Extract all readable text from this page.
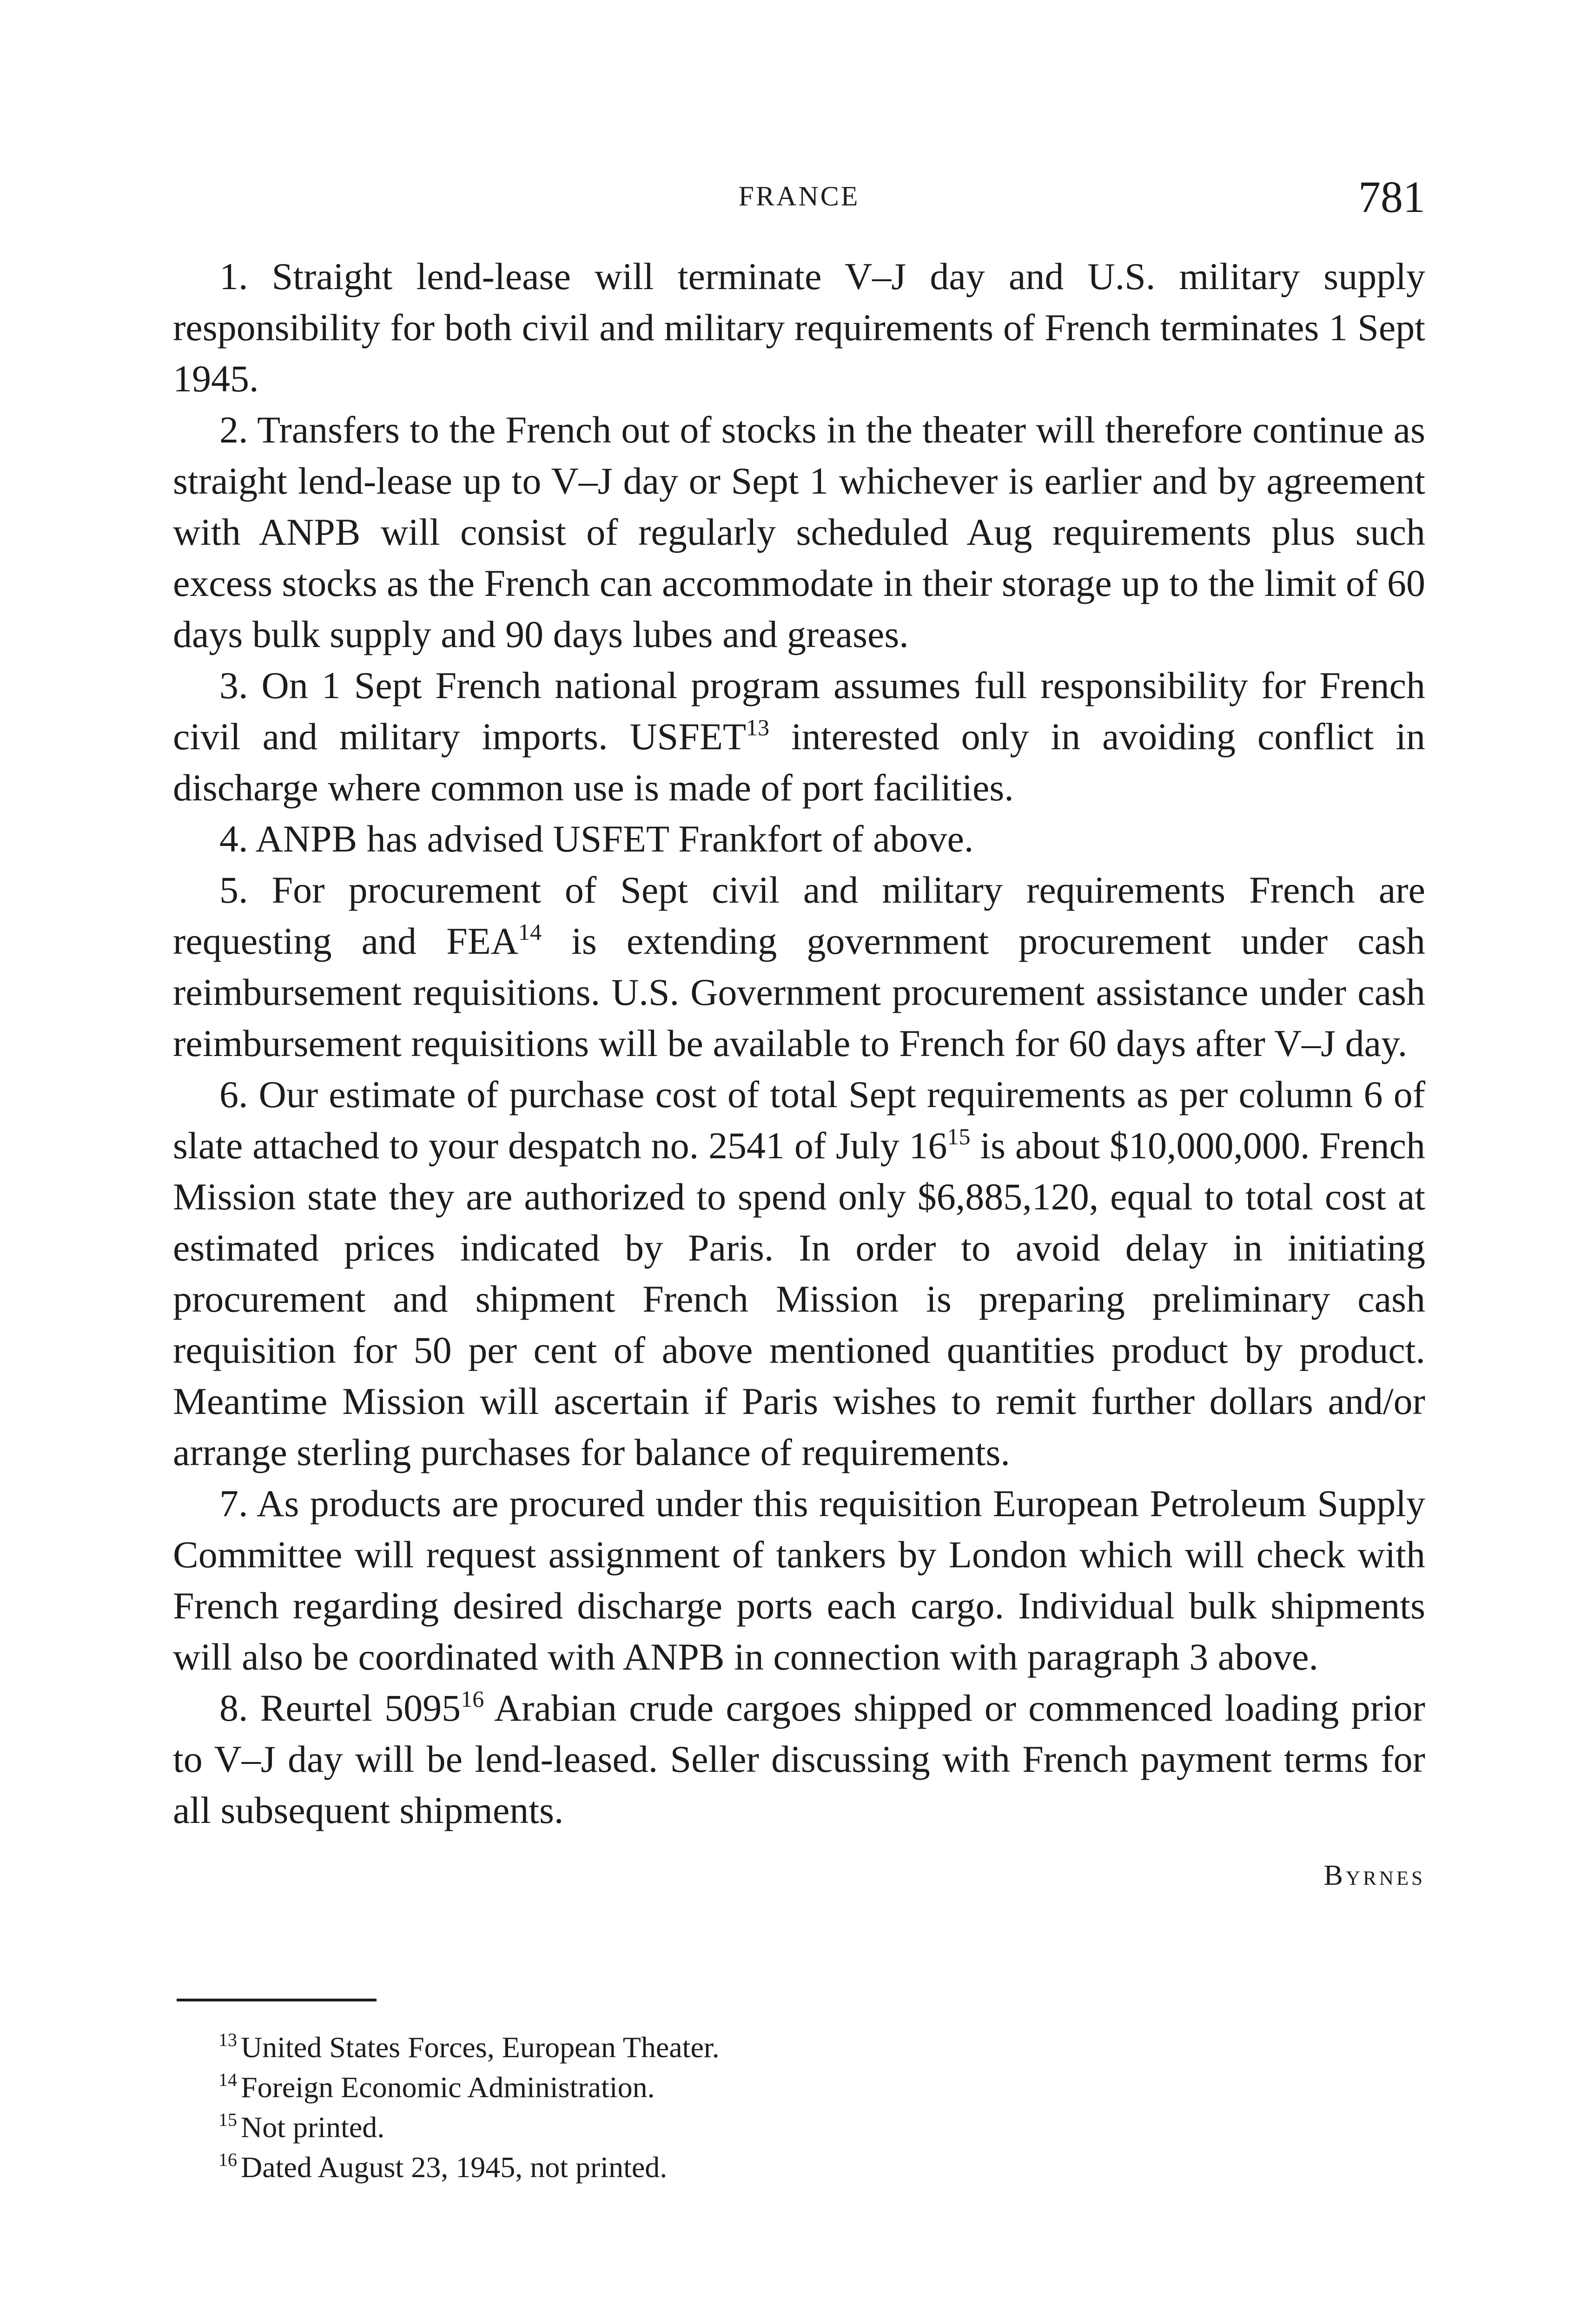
FRANCE	781

1. Straight lend-lease will terminate V–J day and U.S. military supply responsibility for both civil and military requirements of French terminates 1 Sept 1945.

2. Transfers to the French out of stocks in the theater will therefore continue as straight lend-lease up to V–J day or Sept 1 whichever is earlier and by agreement with ANPB will consist of regularly scheduled Aug requirements plus such excess stocks as the French can accommodate in their storage up to the limit of 60 days bulk supply and 90 days lubes and greases.

3. On 1 Sept French national program assumes full responsibility for French civil and military imports. USFET$^{13}$ interested only in avoiding conflict in discharge where common use is made of port facilities.

4. ANPB has advised USFET Frankfort of above.

5. For procurement of Sept civil and military requirements French are requesting and FEA$^{14}$ is extending government procurement under cash reimbursement requisitions. U.S. Government procurement assistance under cash reimbursement requisitions will be available to French for 60 days after V–J day.

6. Our estimate of purchase cost of total Sept requirements as per column 6 of slate attached to your despatch no. 2541 of July $16^{15}$ is about $10,000,000. French Mission state they are authorized to spend only $6,885,120, equal to total cost at estimated prices indicated by Paris. In order to avoid delay in initiating procurement and shipment French Mission is preparing preliminary cash requisition for 50 per cent of above mentioned quantities product by product. Meantime Mission will ascertain if Paris wishes to remit further dollars and/or arrange sterling purchases for balance of requirements.

7. As products are procured under this requisition European Petroleum Supply Committee will request assignment of tankers by London which will check with French regarding desired discharge ports each cargo. Individual bulk shipments will also be coordinated with ANPB in connection with paragraph 3 above.

8. Reurtel 5095$^{16}$ Arabian crude cargoes shipped or commenced loading prior to V–J day will be lend-leased. Seller discussing with French payment terms for all subsequent shipments.

Byrnes

$^{13}$ United States Forces, European Theater.

$^{14}$ Foreign Economic Administration.

$^{15}$ Not printed.

$^{16}$ Dated August 23, 1945, not printed.
